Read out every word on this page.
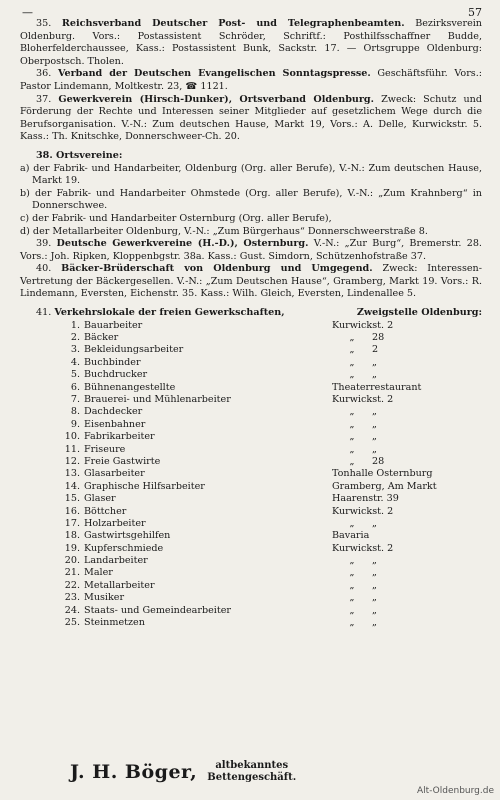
—	57

35. Reichsverband Deutscher Post- und Telegraphenbeamten. Bezirksverein Oldenburg. Vors.: Postassistent Schröder, Schriftf.: Posthilfsschaffner Budde, Bloherfelderchaussee, Kass.: Postassistent Bunk, Sackstr. 17. — Ortsgruppe Oldenburg: Oberpostsch. Tholen.

36. Verband der Deutschen Evangelischen Sonntagspresse. Geschäftsführ. Vors.: Pastor Lindemann, Moltkestr. 23, ☎ 1121.

37. Gewerkverein (Hirsch-Dunker), Ortsverband Oldenburg. Zweck: Schutz und Förderung der Rechte und Interessen seiner Mitglieder auf gesetzlichem Wege durch die Berufsorganisation. V.-N.: Zum deutschen Hause, Markt 19, Vors.: A. Delle, Kurwickstr. 5. Kass.: Th. Knitschke, Donnerschweer-Ch. 20.

38. Ortsvereine:

a) der Fabrik- und Handarbeiter, Oldenburg (Org. aller Berufe), V.-N.: Zum deutschen Hause, Markt 19.

b) der Fabrik- und Handarbeiter Ohmstede (Org. aller Berufe), V.-N.: „Zum Krahnberg“ in Donnerschwee.

c) der Fabrik- und Handarbeiter Osternburg (Org. aller Berufe),

d) der Metallarbeiter Oldenburg, V.-N.: „Zum Bürgerhaus“ Donnerschweerstraße 8.

39. Deutsche Gewerkvereine (H.-D.), Osternburg. V.-N.: „Zur Burg“, Bremerstr. 28. Vors.: Joh. Ripken, Kloppenbgstr. 38a. Kass.: Gust. Simdorn, Schützenhofstraße 37.

40. Bäcker-Brüderschaft von Oldenburg und Umgegend. Zweck: Interessen-Vertretung der Bäckergesellen. V.-N.: „Zum Deutschen Hause“, Gramberg, Markt 19. Vors.: R. Lindemann, Eversten, Eichenstr. 35. Kass.: Wilh. Gleich, Eversten, Lindenallee 5.

41. Verkehrslokale der freien Gewerkschaften,	Zweigstelle Oldenburg:

1. Bauarbeiter	Kurwickst. 2
2. Bäcker	„ 28
3. Bekleidungsarbeiter	„ 2
4. Buchbinder	„ „
5. Buchdrucker	„ „
6. Bühnenangestellte	Theaterrestaurant
7. Brauerei- und Mühlenarbeiter	Kurwickst. 2
8. Dachdecker	„ „
9. Eisenbahner	„ „
10. Fabrikarbeiter	„ „
11. Friseure	„ „
12. Freie Gastwirte	„ 28
13. Glasarbeiter	Tonhalle Osternburg
14. Graphische Hilfsarbeiter	Gramberg, Am Markt
15. Glaser	Haarenstr. 39
16. Böttcher	Kurwickst. 2
17. Holzarbeiter	„ „
18. Gastwirtsgehilfen	Bavaria
19. Kupferschmiede	Kurwickst. 2
20. Landarbeiter	„ „
21. Maler	„ „
22. Metallarbeiter	„ „
23. Musiker	„ „
24. Staats- und Gemeindearbeiter	„ „
25. Steinmetzen	„ „
J. H. Böger,	altbekanntes
Bettengeschäft.
Alt-Oldenburg.de
